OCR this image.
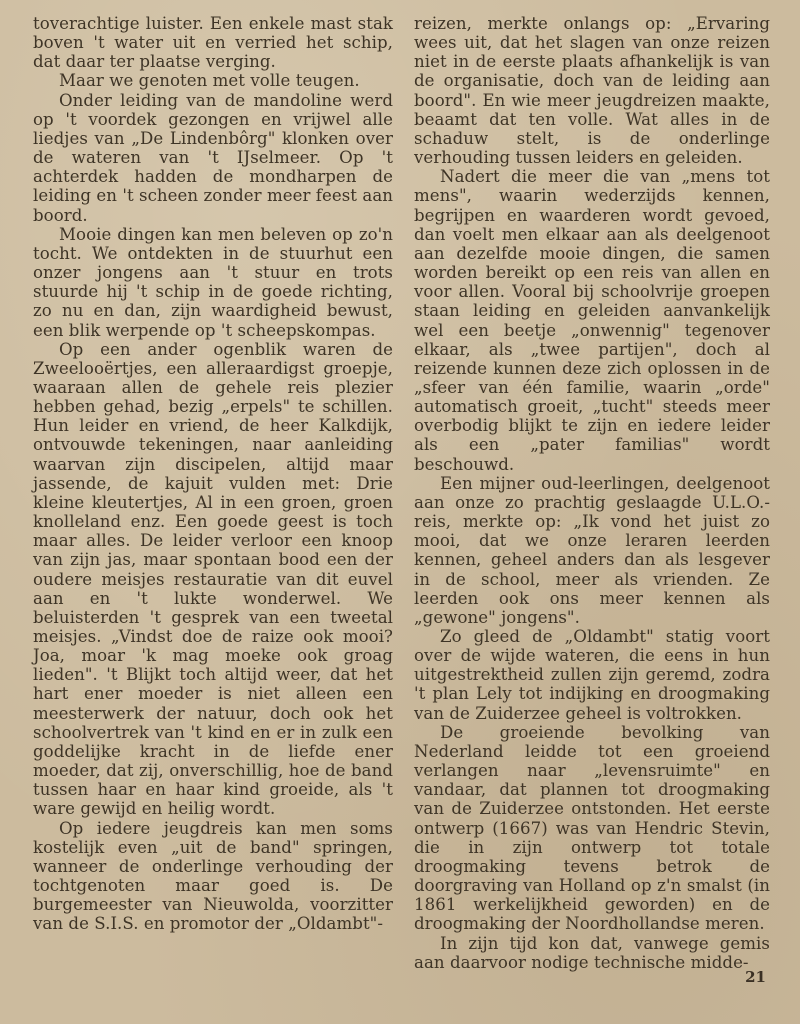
toverachtige luister. Een enkele mast stak boven 't water uit en verried het schip, dat daar ter plaatse verging.

Maar we genoten met volle teugen.

Onder leiding van de mandoline werd op 't voordek gezongen en vrijwel alle liedjes van „De Lindenbôrg" klonken over de wateren van 't IJselmeer. Op 't achterdek hadden de mondharpen de leiding en 't scheen zonder meer feest aan boord.

Mooie dingen kan men beleven op zo'n tocht. We ontdekten in de stuurhut een onzer jongens aan 't stuur en trots stuurde hij 't schip in de goede richting, zo nu en dan, zijn waardigheid bewust, een blik werpende op 't scheepskompas.

Op een ander ogenblik waren de Zweelooërtjes, een alleraardigst groepje, waaraan allen de gehele reis plezier hebben gehad, bezig „erpels" te schillen. Hun leider en vriend, de heer Kalkdijk, ontvouwde tekeningen, naar aanleiding waarvan zijn discipelen, altijd maar jassende, de kajuit vulden met: Drie kleine kleutertjes, Al in een groen, groen knolleland enz. Een goede geest is toch maar alles. De leider verloor een knoop van zijn jas, maar spontaan bood een der oudere meisjes restauratie van dit euvel aan en 't lukte wonderwel. We beluisterden 't gesprek van een tweetal meisjes. „Vindst doe de raize ook mooi? Joa, moar 'k mag moeke ook groag lieden". 't Blijkt toch altijd weer, dat het hart ener moeder is niet alleen een meesterwerk der natuur, doch ook het schoolvertrek van 't kind en er in zulk een goddelijke kracht in de liefde ener moeder, dat zij, onverschillig, hoe de band tussen haar en haar kind groeide, als 't ware gewijd en heilig wordt.

Op iedere jeugdreis kan men soms kostelijk even „uit de band" springen, wanneer de onderlinge verhouding der tochtgenoten maar goed is. De burgemeester van Nieuwolda, voorzitter van de S.I.S. en promotor der „Oldambt"-

reizen, merkte onlangs op: „Ervaring wees uit, dat het slagen van onze reizen niet in de eerste plaats afhankelijk is van de organisatie, doch van de leiding aan boord". En wie meer jeugdreizen maakte, beaamt dat ten volle. Wat alles in de schaduw stelt, is de onderlinge verhouding tussen leiders en geleiden.

Nadert die meer die van „mens tot mens", waarin wederzijds kennen, begrijpen en waarderen wordt gevoed, dan voelt men elkaar aan als deelgenoot aan dezelfde mooie dingen, die samen worden bereikt op een reis van allen en voor allen. Vooral bij schoolvrije groepen staan leiding en geleiden aanvankelijk wel een beetje „onwennig" tegenover elkaar, als „twee partijen", doch al reizende kunnen deze zich oplossen in de „sfeer van één familie, waarin „orde" automatisch groeit, „tucht" steeds meer overbodig blijkt te zijn en iedere leider als een „pater familias" wordt beschouwd.

Een mijner oud-leerlingen, deelgenoot aan onze zo prachtig geslaagde U.L.O.-reis, merkte op: „Ik vond het juist zo mooi, dat we onze leraren leerden kennen, geheel anders dan als lesgever in de school, meer als vrienden. Ze leerden ook ons meer kennen als „gewone" jongens".

Zo gleed de „Oldambt" statig voort over de wijde wateren, die eens in hun uitgestrektheid zullen zijn geremd, zodra 't plan Lely tot indijking en droogmaking van de Zuiderzee geheel is voltrokken.

De groeiende bevolking van Nederland leidde tot een groeiend verlangen naar „levensruimte" en vandaar, dat plannen tot droogmaking van de Zuiderzee ontstonden. Het eerste ontwerp (1667) was van Hendric Stevin, die in zijn ontwerp tot totale droogmaking tevens betrok de doorgraving van Holland op z'n smalst (in 1861 werkelijkheid geworden) en de droogmaking der Noordhollandse meren.

In zijn tijd kon dat, vanwege gemis aan daarvoor nodige technische midde-

21
